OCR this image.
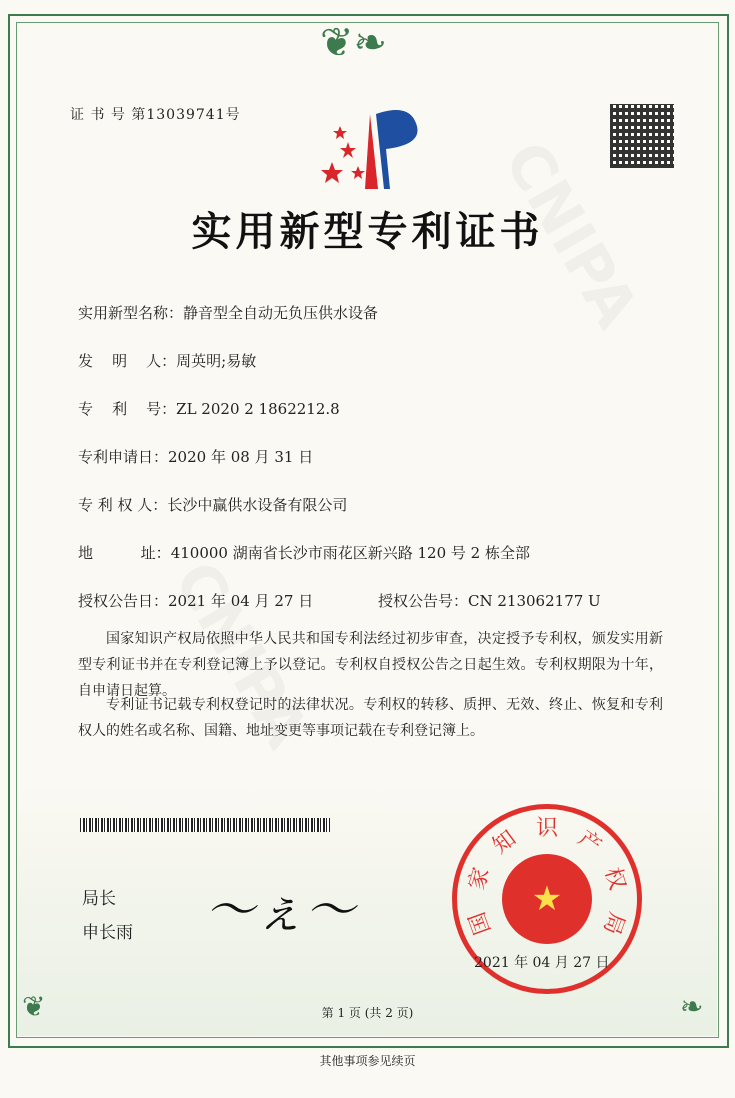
❦❧
❦	❧
证 书 号 第13039741号
实用新型专利证书
实用新型名称：静音型全自动无负压供水设备
发    明    人：周英明;易敏
专    利    号：ZL 2020 2 1862212.8
专利申请日：2020 年 08 月 31 日
专 利 权 人：长沙中赢供水设备有限公司
地          址：410000 湖南省长沙市雨花区新兴路 120 号 2 栋全部
授权公告日：2021 年 04 月 27 日	授权公告号：CN 213062177 U
国家知识产权局依照中华人民共和国专利法经过初步审查，决定授予专利权，颁发实用新型专利证书并在专利登记簿上予以登记。专利权自授权公告之日起生效。专利权期限为十年，自申请日起算。
专利证书记载专利权登记时的法律状况。专利权的转移、质押、无效、终止、恢复和专利权人的姓名或名称、国籍、地址变更等事项记载在专利登记簿上。
局长
申长雨 〜ぇ〜	★
国
家
知 识 产
权
局
2021 年 04 月 27 日
第 1 页 (共 2 页)
其他事项参见续页
